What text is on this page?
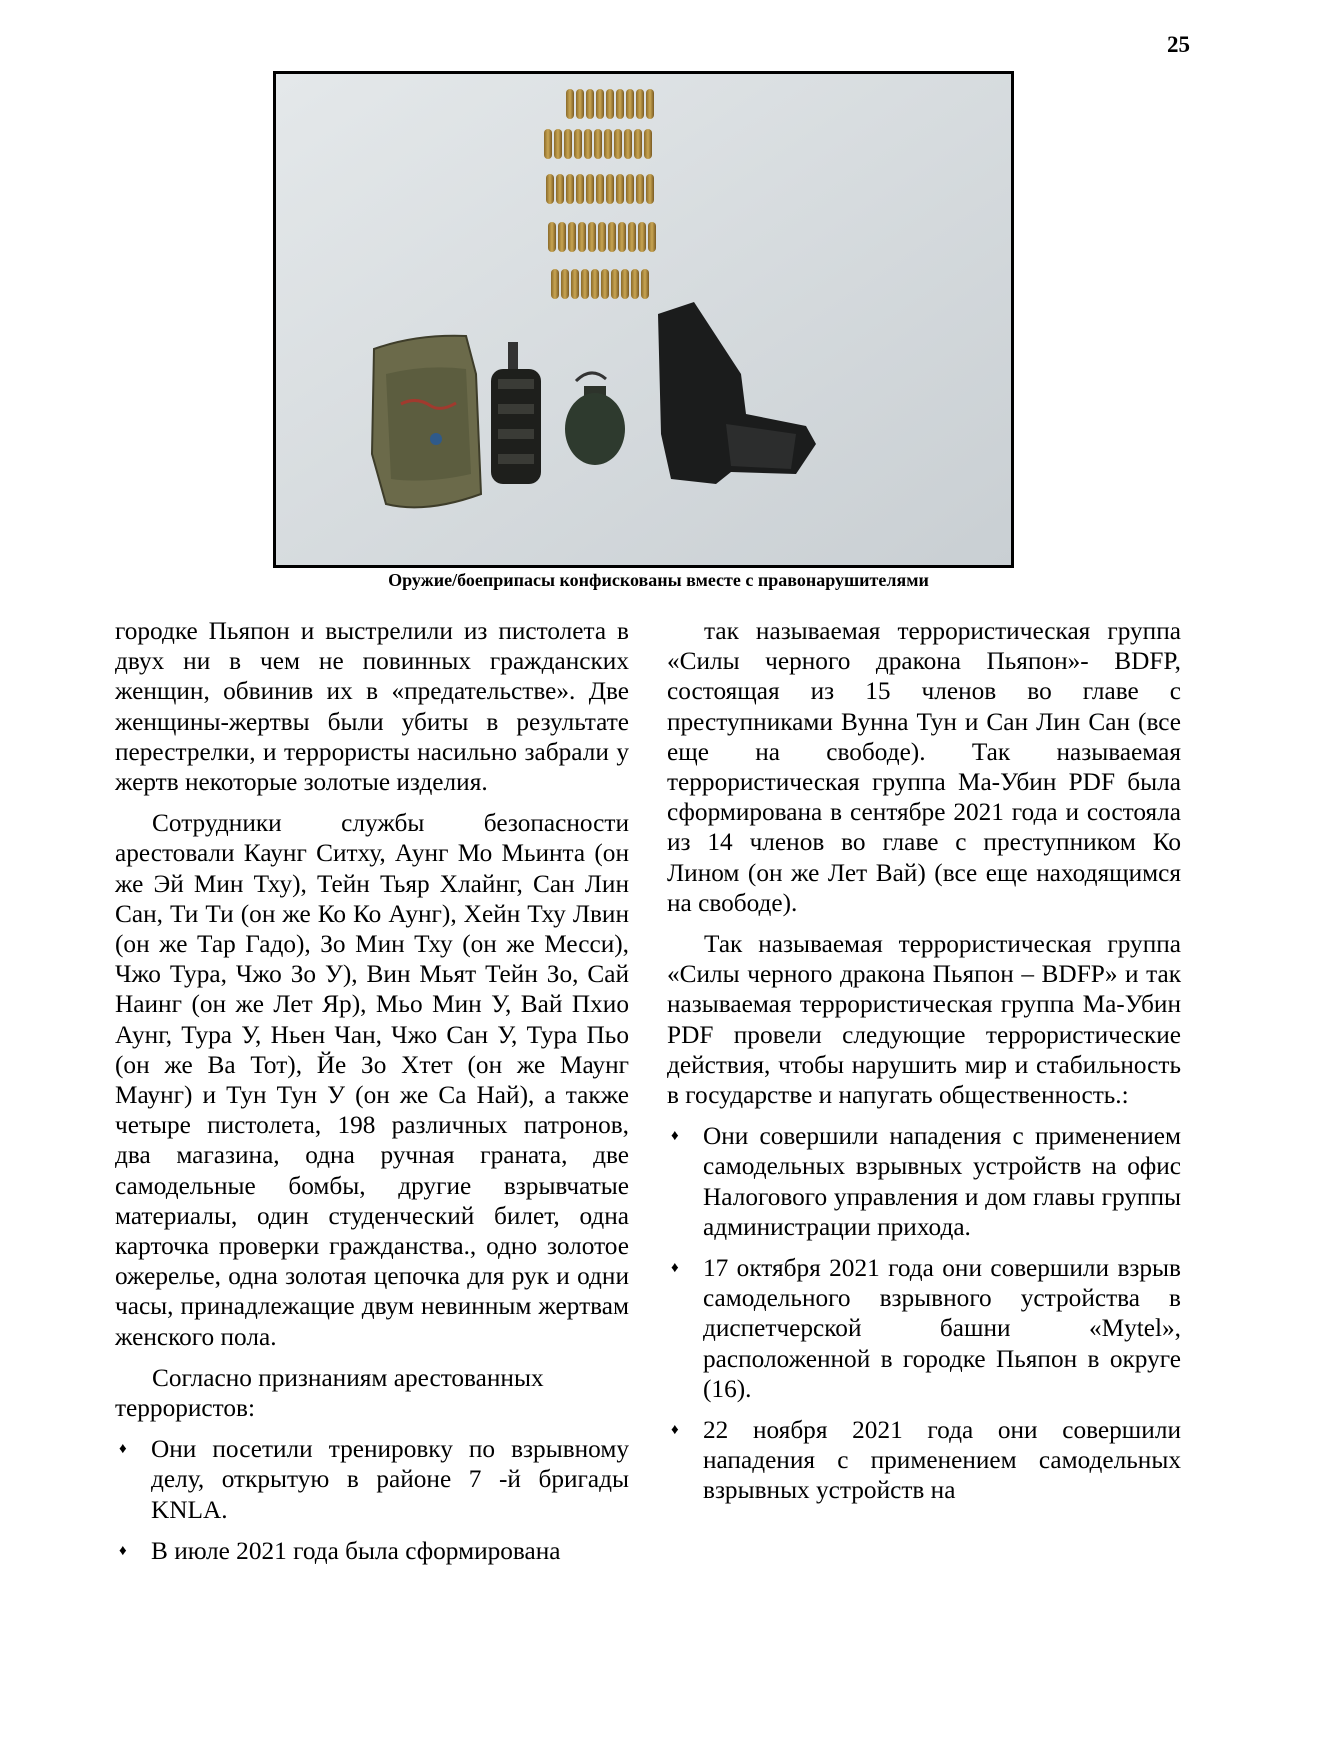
25
Оружие/боеприпасы конфискованы вместе с правонарушителями

городке Пьяпон и выстрелили из пистолета в двух ни в чем не повинных гражданских женщин, обвинив их в «предательстве». Две женщины-жертвы были убиты в результате перестрелки, и террористы насильно забрали у жертв некоторые золотые изделия.

Сотрудники службы безопасности арестовали Каунг Ситху, Аунг Мо Мьинта (он же Эй Мин Тху), Тейн Тьяр Хлайнг, Сан Лин Сан, Ти Ти (он же Ко Ко Аунг), Хейн Тху Лвин (он же Тар Гадо), Зо Мин Тху (он же Месси), Чжо Тура, Чжо Зо У), Вин Мьят Тейн Зо, Сай Наинг (он же Лет Яр), Мьо Мин У, Вай Пхио Аунг, Тура У, Ньен Чан, Чжо Сан У, Тура Пьо (он же Ва Тот), Йе Зо Хтет (он же Маунг Маунг) и Тун Тун У (он же Са Най), а также четыре пистолета, 198 различных патронов, два магазина, одна ручная граната, две самодельные бомбы, другие взрывчатые материалы, один студенческий билет, одна карточка проверки гражданства., одно золотое ожерелье, одна золотая цепочка для рук и одни часы, принадлежащие двум невинным жертвам женского пола.

Согласно признаниям арестованных террористов:

♦ Они посетили тренировку по взрывному делу, открытую в районе 7 -й бригады KNLA.
♦ В июле 2021 года была сформирована

так называемая террористическая группа «Силы черного дракона Пьяпон»- BDFP, состоящая из 15 членов во главе с преступниками Вунна Тун и Сан Лин Сан (все еще на свободе). Так называемая террористическая группа Ма-Убин PDF была сформирована в сентябре 2021 года и состояла из 14 членов во главе с преступником Ко Лином (он же Лет Вай) (все еще находящимся на свободе).

Так называемая террористическая группа «Силы черного дракона Пьяпон – BDFP» и так называемая террористическая группа Ма-Убин PDF провели следующие террористические действия, чтобы нарушить мир и стабильность в государстве и напугать общественность.:

♦ Они совершили нападения с применением самодельных взрывных устройств на офис Налогового управления и дом главы группы администрации прихода.
♦ 17 октября 2021 года они совершили взрыв самодельного взрывного устройства в диспетчерской башни «Mytel», расположенной в городке Пьяпон в округе (16).
♦ 22 ноября 2021 года они совершили нападения с применением самодельных взрывных устройств на
